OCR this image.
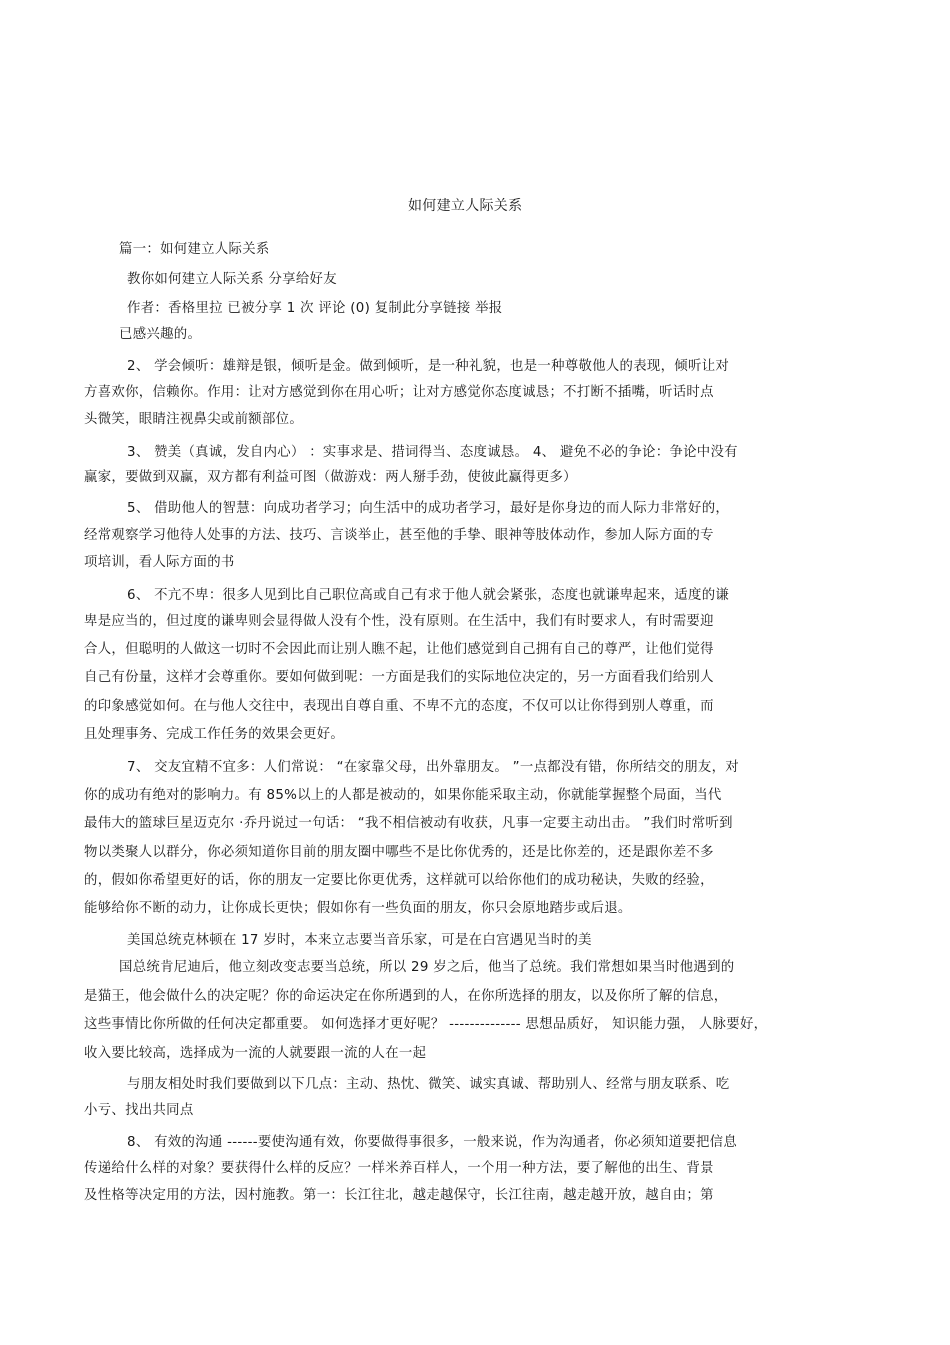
如何建立人际关系
篇一：如何建立人际关系
教你如何建立人际关系 分享给好友
作者：香格里拉 已被分享 1 次 评论 (0) 复制此分享链接 举报
已感兴趣的。
2、 学会倾听：雄辩是银，倾听是金。做到倾听，是一种礼貌，也是一种尊敬他人的表现，倾听让对
方喜欢你，信赖你。作用：让对方感觉到你在用心听；让对方感觉你态度诚恳；不打断不插嘴，听话时点
头微笑，眼睛注视鼻尖或前额部位。
3、 赞美（真诚，发自内心） ：实事求是、措词得当、态度诚恳。 4、 避免不必的争论：争论中没有
赢家，要做到双赢，双方都有利益可图（做游戏：两人掰手劲，使彼此赢得更多）
5、 借助他人的智慧：向成功者学习；向生活中的成功者学习，最好是你身边的而人际力非常好的，
经常观察学习他待人处事的方法、技巧、言谈举止，甚至他的手挚、眼神等肢体动作，参加人际方面的专
项培训，看人际方面的书
6、 不亢不卑：很多人见到比自己职位高或自己有求于他人就会紧张，态度也就谦卑起来，适度的谦
卑是应当的，但过度的谦卑则会显得做人没有个性，没有原则。在生活中，我们有时要求人，有时需要迎
合人，但聪明的人做这一切时不会因此而让别人瞧不起，让他们感觉到自己拥有自己的尊严，让他们觉得
自己有份量，这样才会尊重你。要如何做到呢：一方面是我们的实际地位决定的，另一方面看我们给别人
的印象感觉如何。在与他人交往中，表现出自尊自重、不卑不亢的态度，不仅可以让你得到别人尊重，而
且处理事务、完成工作任务的效果会更好。
7、 交友宜精不宜多：人们常说： “在家靠父母，出外靠朋友。 ”一点都没有错，你所结交的朋友，对
你的成功有绝对的影响力。有 85%以上的人都是被动的，如果你能采取主动，你就能掌握整个局面，当代
最伟大的篮球巨星迈克尔 ·乔丹说过一句话： “我不相信被动有收获，凡事一定要主动出击。 ”我们时常听到
物以类聚人以群分，你必须知道你目前的朋友圈中哪些不是比你优秀的，还是比你差的，还是跟你差不多
的，假如你希望更好的话，你的朋友一定要比你更优秀，这样就可以给你他们的成功秘诀，失败的经验，
能够给你不断的动力，让你成长更快；假如你有一些负面的朋友，你只会原地踏步或后退。
美国总统克林顿在 17 岁时，本来立志要当音乐家，可是在白宫遇见当时的美
国总统肯尼迪后，他立刻改变志要当总统，所以 29 岁之后，他当了总统。我们常想如果当时他遇到的
是猫王，他会做什么的决定呢？你的命运决定在你所遇到的人，在你所选择的朋友，以及你所了解的信息，
这些事情比你所做的任何决定都重要。 如何选择才更好呢？ -------------- 思想品质好， 知识能力强， 人脉要好，
收入要比较高，选择成为一流的人就要跟一流的人在一起
与朋友相处时我们要做到以下几点：主动、热忱、微笑、诚实真诚、帮助别人、经常与朋友联系、吃
小亏、找出共同点
8、 有效的沟通 ------要使沟通有效，你要做得事很多，一般来说，作为沟通者，你必须知道要把信息
传递给什么样的对象？要获得什么样的反应？一样米养百样人，一个用一种方法，要了解他的出生、背景
及性格等决定用的方法，因村施教。第一：长江往北，越走越保守，长江往南，越走越开放，越自由；第
